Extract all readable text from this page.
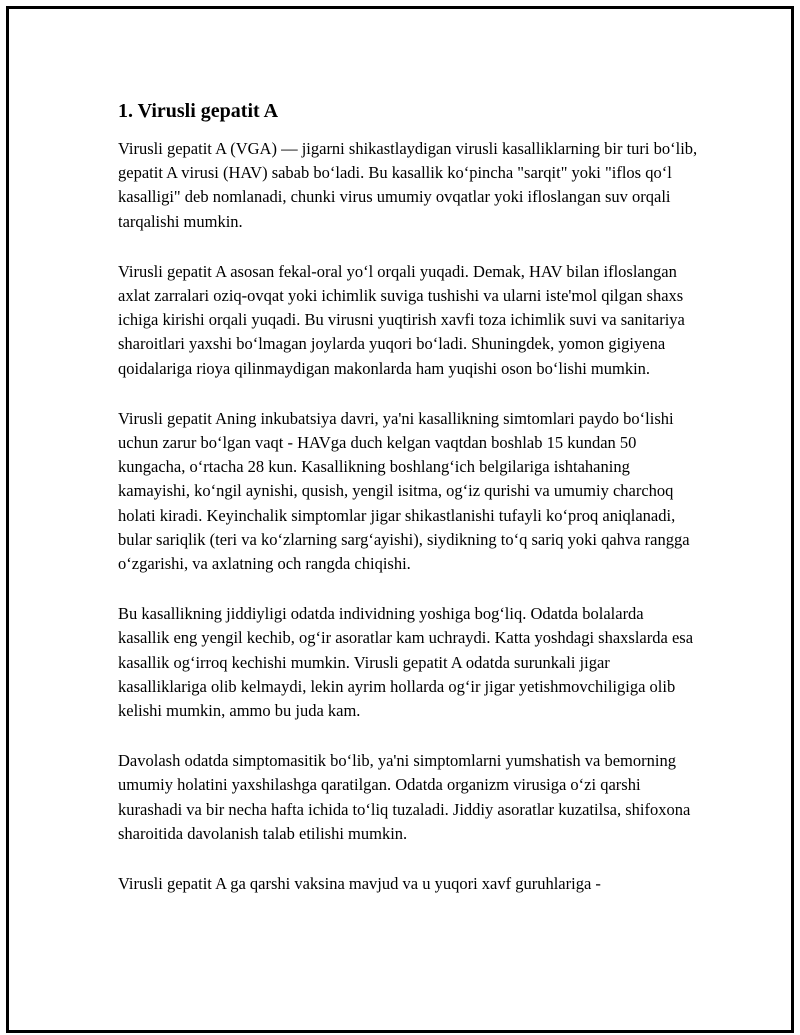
1. Virusli gepatit A

Virusli gepatit A (VGA) — jigarni shikastlaydigan virusli kasalliklarning bir turi bo‘lib, gepatit A virusi (HAV) sabab bo‘ladi. Bu kasallik ko‘pincha "sarqit" yoki "iflos qo‘l kasalligi" deb nomlanadi, chunki virus umumiy ovqatlar yoki ifloslangan suv orqali tarqalishi mumkin.

Virusli gepatit A asosan fekal-oral yo‘l orqali yuqadi. Demak, HAV bilan ifloslangan axlat zarralari oziq-ovqat yoki ichimlik suviga tushishi va ularni iste'mol qilgan shaxs ichiga kirishi orqali yuqadi. Bu virusni yuqtirish xavfi toza ichimlik suvi va sanitariya sharoitlari yaxshi bo‘lmagan joylarda yuqori bo‘ladi. Shuningdek, yomon gigiyena qoidalariga rioya qilinmaydigan makonlarda ham yuqishi oson bo‘lishi mumkin.

Virusli gepatit Aning inkubatsiya davri, ya'ni kasallikning simtomlari paydo bo‘lishi uchun zarur bo‘lgan vaqt - HAVga duch kelgan vaqtdan boshlab 15 kundan 50 kungacha, o‘rtacha 28 kun. Kasallikning boshlang‘ich belgilariga ishtahaning kamayishi, ko‘ngil aynishi, qusish, yengil isitma, og‘iz qurishi va umumiy charchoq holati kiradi. Keyinchalik simptomlar jigar shikastlanishi tufayli ko‘proq aniqlanadi, bular sariqlik (teri va ko‘zlarning sarg‘ayishi), siydikning to‘q sariq yoki qahva rangga o‘zgarishi, va axlatning och rangda chiqishi.

Bu kasallikning jiddiyligi odatda individning yoshiga bog‘liq. Odatda bolalarda kasallik eng yengil kechib, og‘ir asoratlar kam uchraydi. Katta yoshdagi shaxslarda esa kasallik og‘irroq kechishi mumkin. Virusli gepatit A odatda surunkali jigar kasalliklariga olib kelmaydi, lekin ayrim hollarda og‘ir jigar yetishmovchiligiga olib kelishi mumkin, ammo bu juda kam.

Davolash odatda simptomasitik bo‘lib, ya'ni simptomlarni yumshatish va bemorning umumiy holatini yaxshilashga qaratilgan. Odatda organizm virusiga o‘zi qarshi kurashadi va bir necha hafta ichida to‘liq tuzaladi. Jiddiy asoratlar kuzatilsa, shifoxona sharoitida davolanish talab etilishi mumkin.

Virusli gepatit A ga qarshi vaksina mavjud va u yuqori xavf guruhlariga -
